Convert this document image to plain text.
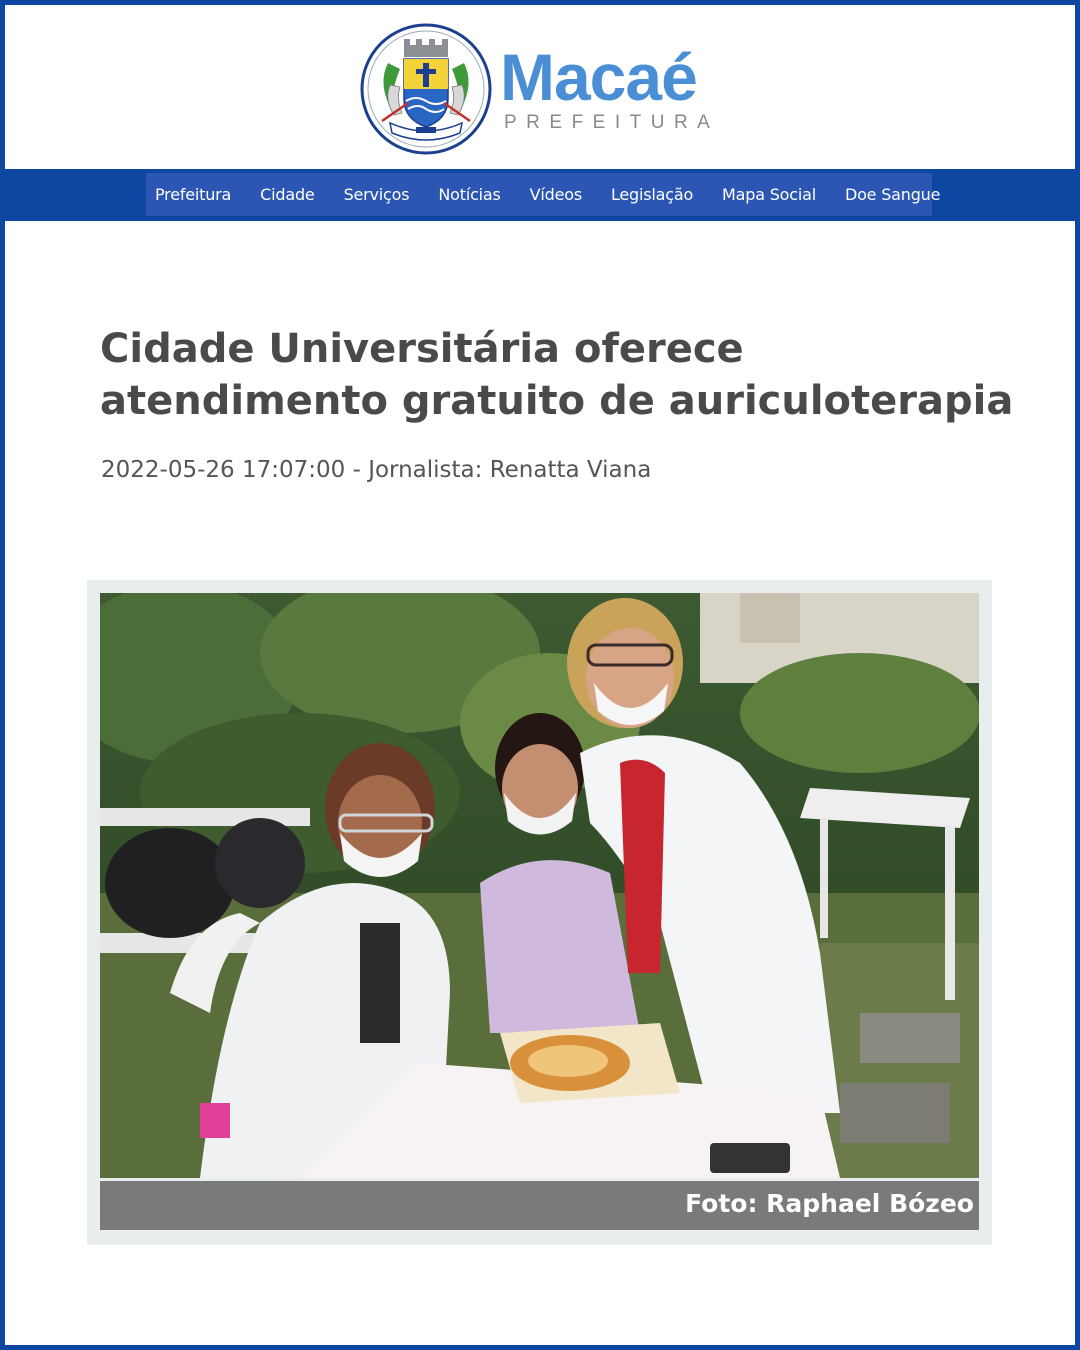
Macaé
PREFEITURA
Prefeitura Cidade Serviços Notícias Vídeos Legislação Mapa Social Doe Sangue
Cidade Universitária oferece atendimento gratuito de auriculoterapia
2022-05-26 17:07:00 - Jornalista: Renatta Viana
Foto: Raphael Bózeo
